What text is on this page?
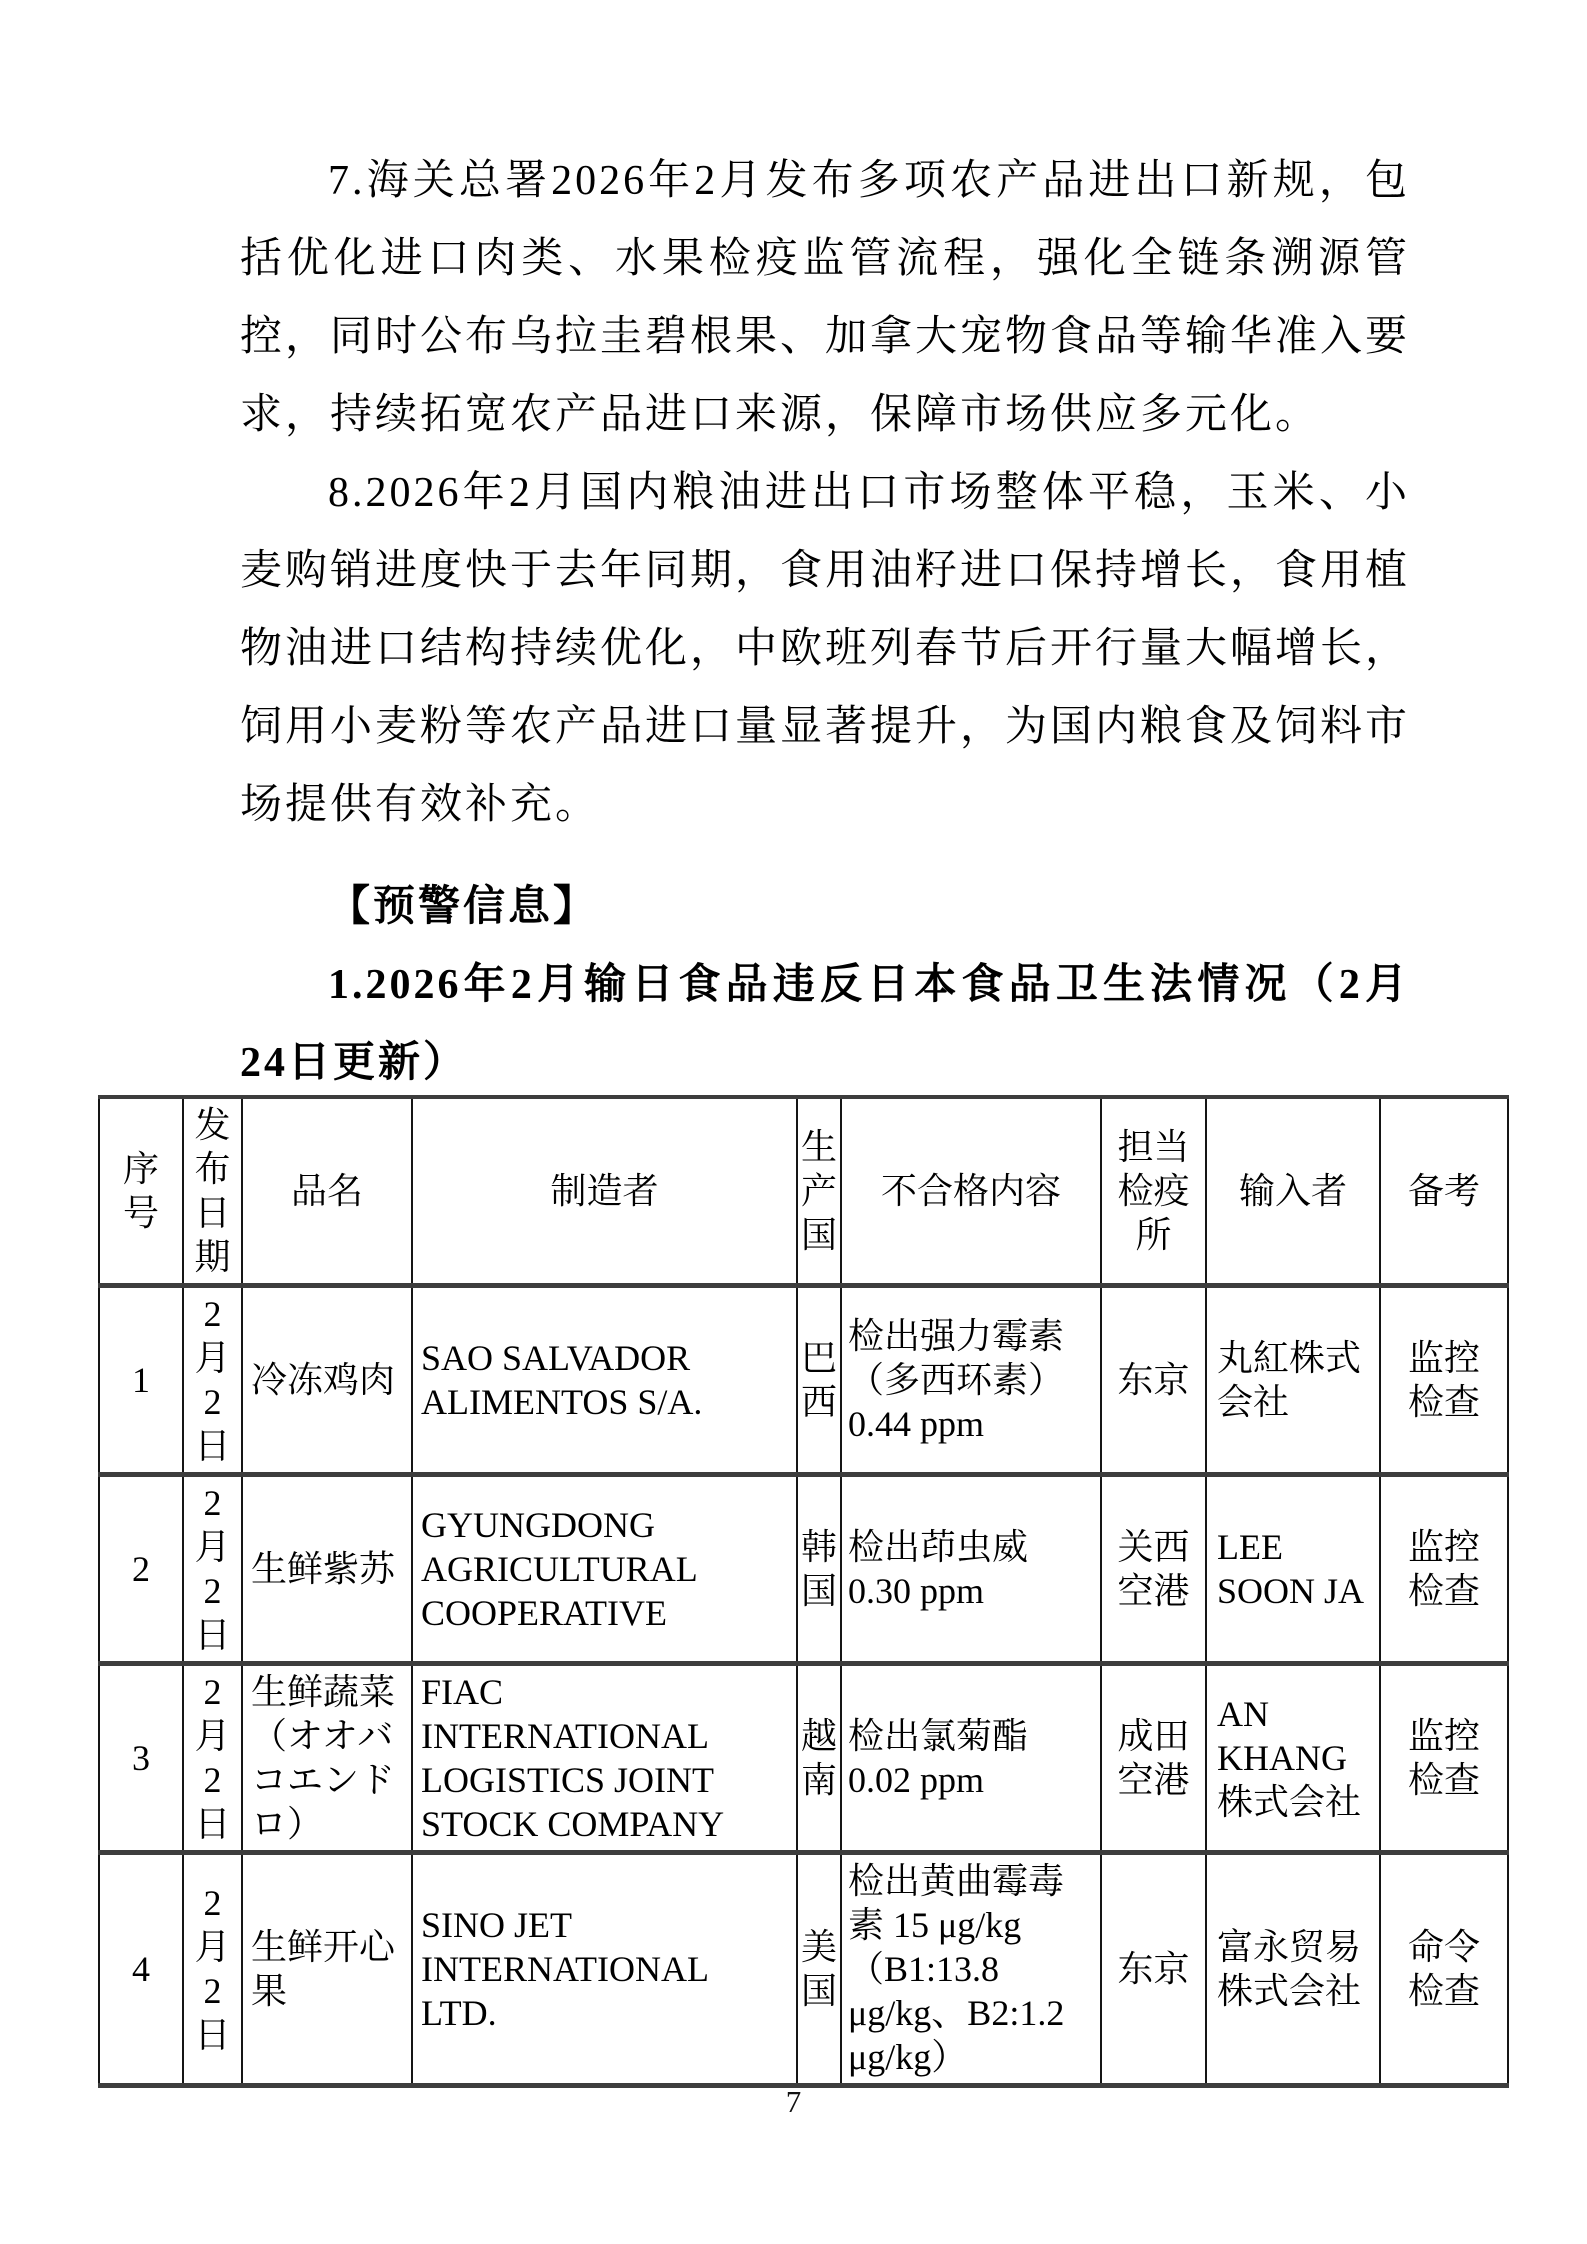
7.海关总署2026年2月发布多项农产品进出口新规，包括优化进口肉类、水果检疫监管流程，强化全链条溯源管控，同时公布乌拉圭碧根果、加拿大宠物食品等输华准入要求，持续拓宽农产品进口来源，保障市场供应多元化。

8.2026年2月国内粮油进出口市场整体平稳，玉米、小麦购销进度快于去年同期，食用油籽进口保持增长，食用植物油进口结构持续优化，中欧班列春节后开行量大幅增长，饲用小麦粉等农产品进口量显著提升，为国内粮食及饲料市场提供有效补充。

【预警信息】
1.2026年2月输日食品违反日本食品卫生法情况（2月24日更新）
序号	发布日期	品名	制造者	生产国	不合格内容	担当检疫所	输入者	备考
1	2月2日	冷冻鸡肉	SAO SALVADOR ALIMENTOS S/A.	巴西	检出强力霉素（多西环素）0.44 ppm	东京	丸紅株式会社	监控检查
2	2月2日	生鲜紫苏	GYUNGDONG AGRICULTURAL COOPERATIVE	韩国	检出茚虫威 0.30 ppm	关西空港	LEE SOON JA	监控检查
3	2月2日	生鲜蔬菜（オオバコエンドロ）	FIAC INTERNATIONAL LOGISTICS JOINT STOCK COMPANY	越南	检出氯菊酯 0.02 ppm	成田空港	AN KHANG株式会社	监控检查
4	2月2日	生鲜开心果	SINO JET INTERNATIONAL LTD.	美国	检出黄曲霉毒素 15 μg/kg（B1:13.8 μg/kg、B2:1.2 μg/kg）	东京	富永贸易株式会社	命令检查
7
